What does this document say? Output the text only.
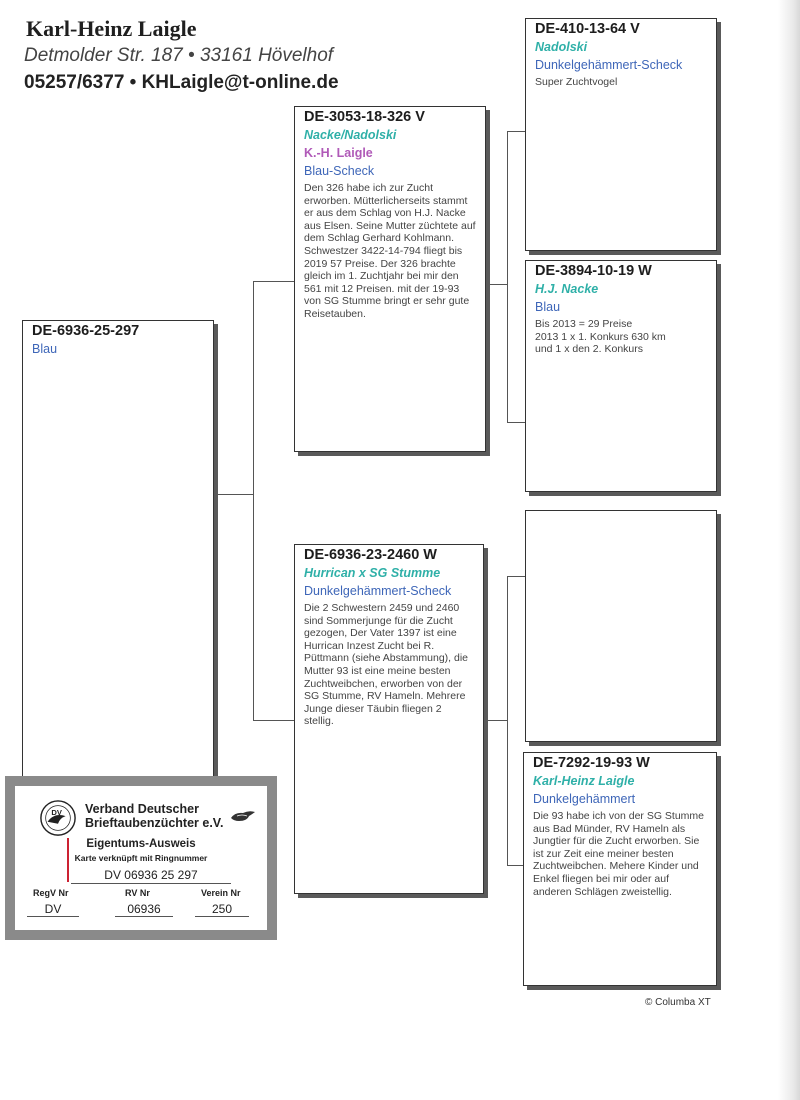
Karl-Heinz Laigle
Detmolder Str. 187 • 33161 Hövelhof
05257/6377 • KHLaigle@t-online.de
DE-6936-25-297
Blau
DE-3053-18-326 V
Nacke/Nadolski
K.-H. Laigle
Blau-Scheck
Den 326 habe ich zur Zucht erworben. Mütterlicherseits stammt er aus dem Schlag von H.J. Nacke aus Elsen. Seine Mutter züchtete auf dem Schlag Gerhard Kohlmann. Schwestzer 3422-14-794 fliegt bis 2019 57 Preise. Der 326 brachte gleich im 1. Zuchtjahr bei mir den 561 mit 12 Preisen. mit der 19-93 von SG Stumme bringt er sehr gute Reisetauben.
DE-6936-23-2460 W
Hurrican x SG Stumme
Dunkelgehämmert-Scheck
Die 2 Schwestern 2459 und 2460 sind Sommerjunge für die Zucht gezogen, Der Vater 1397 ist eine Hurrican Inzest Zucht bei R. Püttmann (siehe Abstammung), die Mutter 93 ist eine meine besten Zuchtweibchen, erworben von der SG Stumme, RV Hameln. Mehrere Junge dieser Täubin fliegen 2 stellig.
DE-410-13-64 V
Nadolski
Dunkelgehämmert-Scheck
Super Zuchtvogel
DE-3894-10-19 W
H.J. Nacke
Blau
Bis 2013 = 29 Preise
2013 1 x 1. Konkurs 630 km
und 1 x den 2. Konkurs
DE-7292-19-93 W
Karl-Heinz Laigle
Dunkelgehämmert
Die 93 habe ich von der SG Stumme aus Bad Münder, RV Hameln als Jungtier für die Zucht erworben. Sie ist zur Zeit eine meiner besten Zuchtweibchen. Mehere Kinder und Enkel fliegen bei mir oder auf anderen Schlägen zweistellig.
DV Verband Deutscher
Brieftaubenzüchter e.V.
Eigentums-Ausweis
Karte verknüpft mit Ringnummer
DV 06936 25 297
RegV Nr	RV Nr	Verein Nr
DV	06936	250
© Columba XT
